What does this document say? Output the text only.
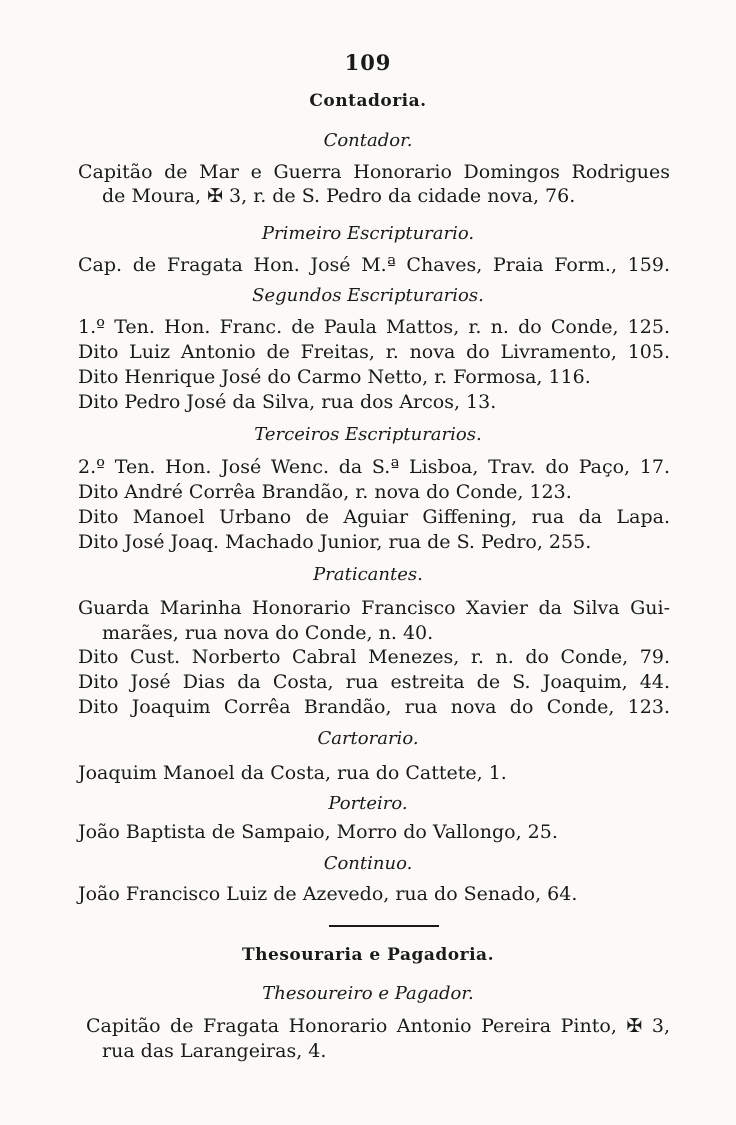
109
Contadoria.
Contador.
Capitão de Mar e Guerra Honorario Domingos Rodrigues
de Moura, ✠ 3, r. de S. Pedro da cidade nova, 76.
Primeiro Escripturario.
Cap. de Fragata Hon. José M.ª Chaves, Praia Form., 159.
Segundos Escripturarios.
1.º Ten. Hon. Franc. de Paula Mattos, r. n. do Conde, 125.
Dito Luiz Antonio de Freitas, r. nova do Livramento, 105.
Dito Henrique José do Carmo Netto, r. Formosa, 116.
Dito Pedro José da Silva, rua dos Arcos, 13.
Terceiros Escripturarios.
2.º Ten. Hon. José Wenc. da S.ª Lisboa, Trav. do Paço, 17.
Dito André Corrêa Brandão, r. nova do Conde, 123.
Dito Manoel Urbano de Aguiar Giffening, rua da Lapa.
Dito José Joaq. Machado Junior, rua de S. Pedro, 255.
Praticantes.
Guarda Marinha Honorario Francisco Xavier da Silva Gui-
marães, rua nova do Conde, n. 40.
Dito Cust. Norberto Cabral Menezes, r. n. do Conde, 79.
Dito José Dias da Costa, rua estreita de S. Joaquim, 44.
Dito Joaquim Corrêa Brandão, rua nova do Conde, 123.
Cartorario.
Joaquim Manoel da Costa, rua do Cattete, 1.
Porteiro.
João Baptista de Sampaio, Morro do Vallongo, 25.
Continuo.
João Francisco Luiz de Azevedo, rua do Senado, 64.
Thesouraria e Pagadoria.
Thesoureiro e Pagador.
Capitão de Fragata Honorario Antonio Pereira Pinto, ✠ 3,
rua das Larangeiras, 4.
